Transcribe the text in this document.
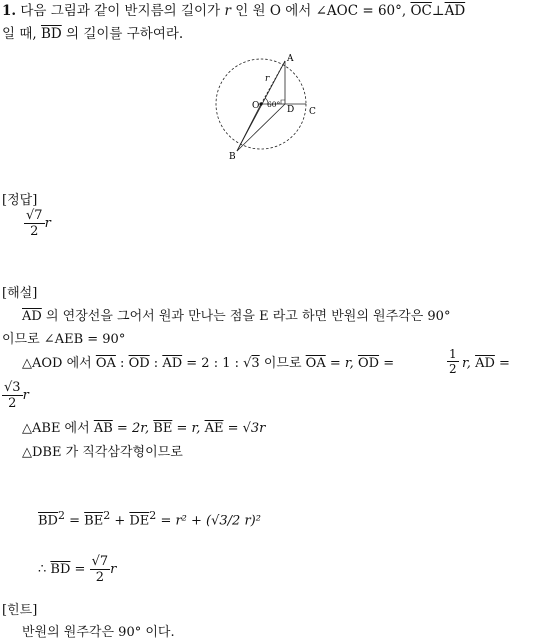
1. 다음 그림과 같이 반지름의 길이가 r 인 원 O 에서 ∠AOC = 60°, $\overline{OC}\perp\overline{AD}$
일 때, $\overline{BD}$ 의 길이를 구하여라.
A
B
C
D
O
r
60°
[정답]
$\frac{√7}{2}$ r
[해설]
$\overline{AD}$ 의 연장선을 그어서 원과 만나는 점을 E 라고 하면 반원의 원주각은 90°
이므로 ∠AEB = 90°
△AOD 에서 $\overline{OA}$ : $\overline{OD}$ : $\overline{AD} = 2$ : 1 : √3 이므로 $\overline{OA} = r$, $\overline{OD}$ =	$\frac{1}{2} r$, $\overline{AD}$ =
$\frac{√3}{2}$ r
△ABE 에서 $\overline{AB} = 2r$, $\overline{BE} = r$, $\overline{AE} = √3r$
△DBE 가 직각삼각형이므로
$\overline{BD}^2 = \overline{BE}^2 + \overline{DE}^2 = r^2 + (√3/2$ r)²
∴ $\overline{BD} = \frac{√7}{2}$ r
[힌트]
반원의 원주각은 90° 이다.
